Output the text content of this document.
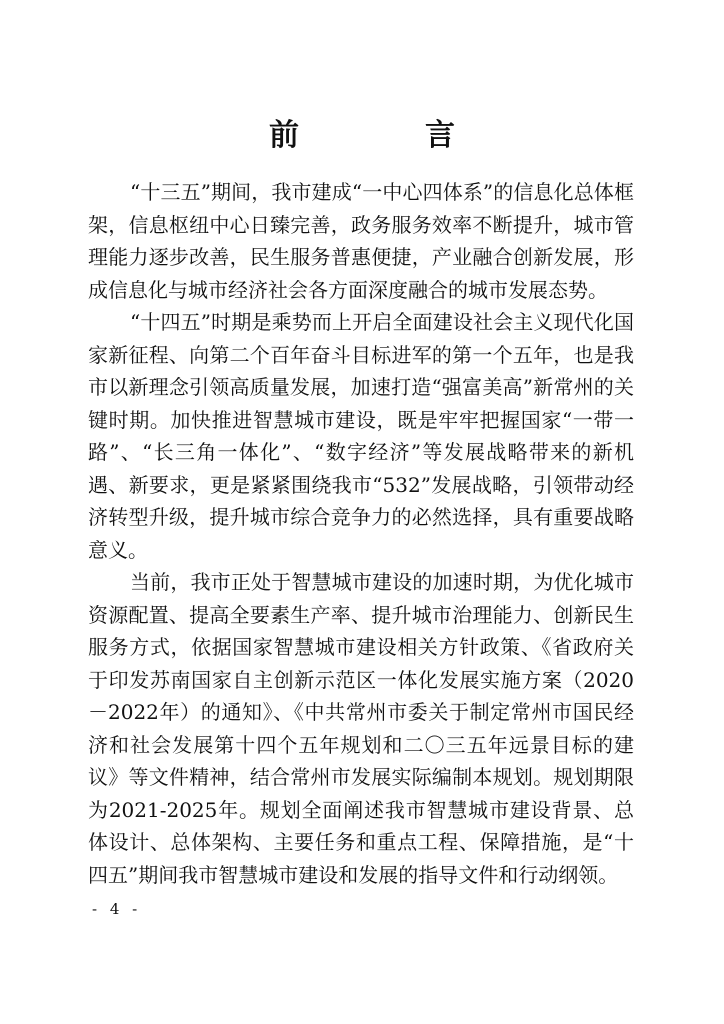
前　言

“十三五”期间，我市建成“一中心四体系”的信息化总体框架，信息枢纽中心日臻完善，政务服务效率不断提升，城市管理能力逐步改善，民生服务普惠便捷，产业融合创新发展，形成信息化与城市经济社会各方面深度融合的城市发展态势。

“十四五”时期是乘势而上开启全面建设社会主义现代化国家新征程、向第二个百年奋斗目标进军的第一个五年，也是我市以新理念引领高质量发展，加速打造“强富美高”新常州的关键时期。加快推进智慧城市建设，既是牢牢把握国家“一带一路”、“长三角一体化”、“数字经济”等发展战略带来的新机遇、新要求，更是紧紧围绕我市“532”发展战略，引领带动经济转型升级，提升城市综合竞争力的必然选择，具有重要战略意义。

当前，我市正处于智慧城市建设的加速时期，为优化城市资源配置、提高全要素生产率、提升城市治理能力、创新民生服务方式，依据国家智慧城市建设相关方针政策、《省政府关于印发苏南国家自主创新示范区一体化发展实施方案（2020－2022年）的通知》、《中共常州市委关于制定常州市国民经济和社会发展第十四个五年规划和二〇三五年远景目标的建议》等文件精神，结合常州市发展实际编制本规划。规划期限为2021-2025年。规划全面阐述我市智慧城市建设背景、总体设计、总体架构、主要任务和重点工程、保障措施，是“十四五”期间我市智慧城市建设和发展的指导文件和行动纲领。

- 4 -
